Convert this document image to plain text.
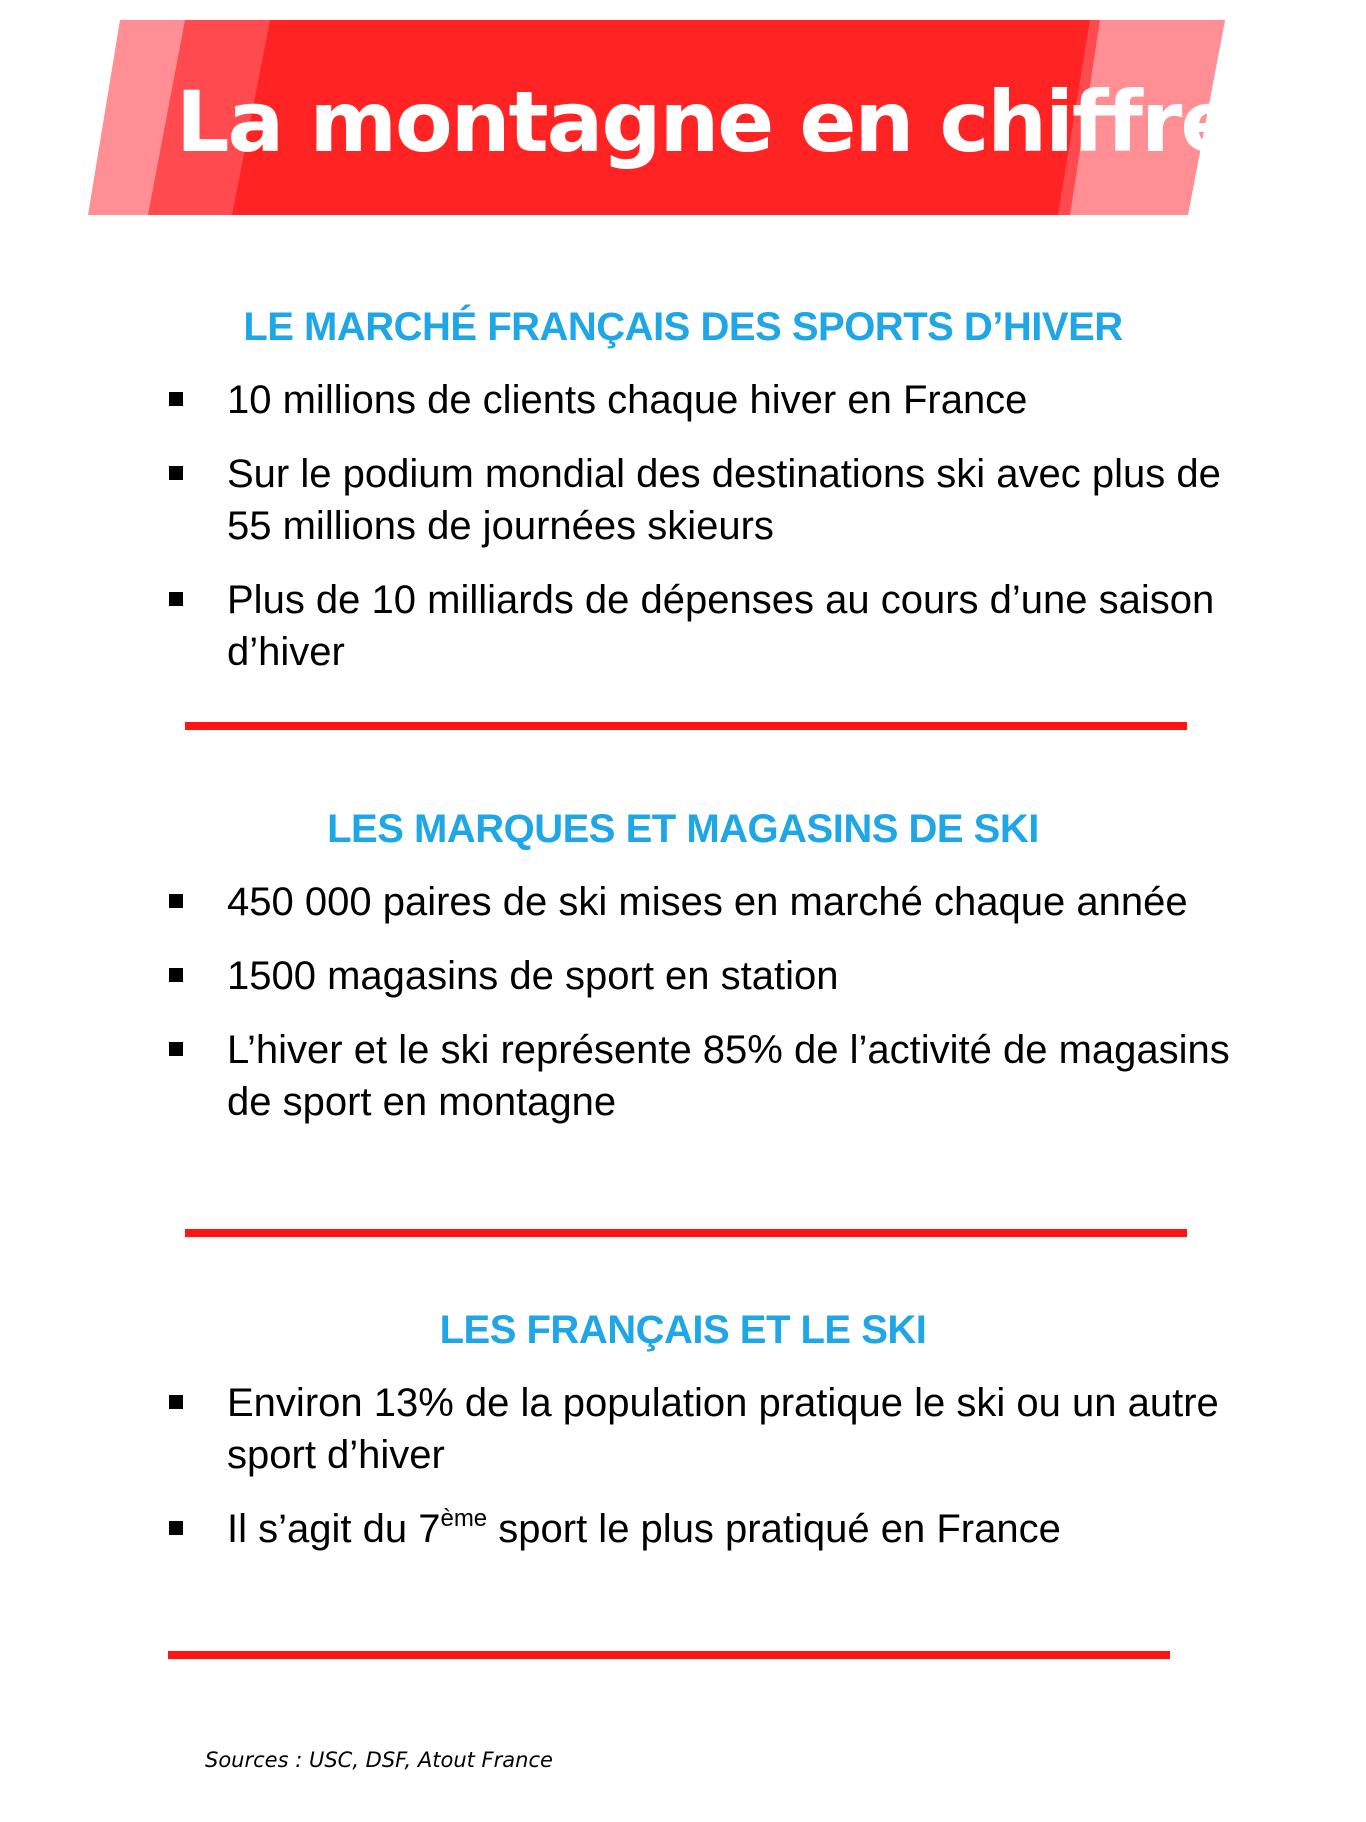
La montagne en chiffres
LE MARCHÉ FRANÇAIS DES SPORTS D’HIVER
10 millions de clients chaque hiver en France
Sur le podium mondial des destinations ski avec plus de 55 millions de journées skieurs
Plus de 10 milliards de dépenses au cours d’une saison d’hiver
LES MARQUES ET MAGASINS DE SKI
450 000 paires de ski mises en marché chaque année
1500 magasins de sport en station
L’hiver et le ski représente 85% de l’activité de magasins de sport en montagne
LES FRANÇAIS ET LE SKI
Environ 13% de la population pratique le ski ou un autre sport d’hiver
Il s’agit du 7ème sport le plus pratiqué en France
Sources : USC, DSF, Atout France
